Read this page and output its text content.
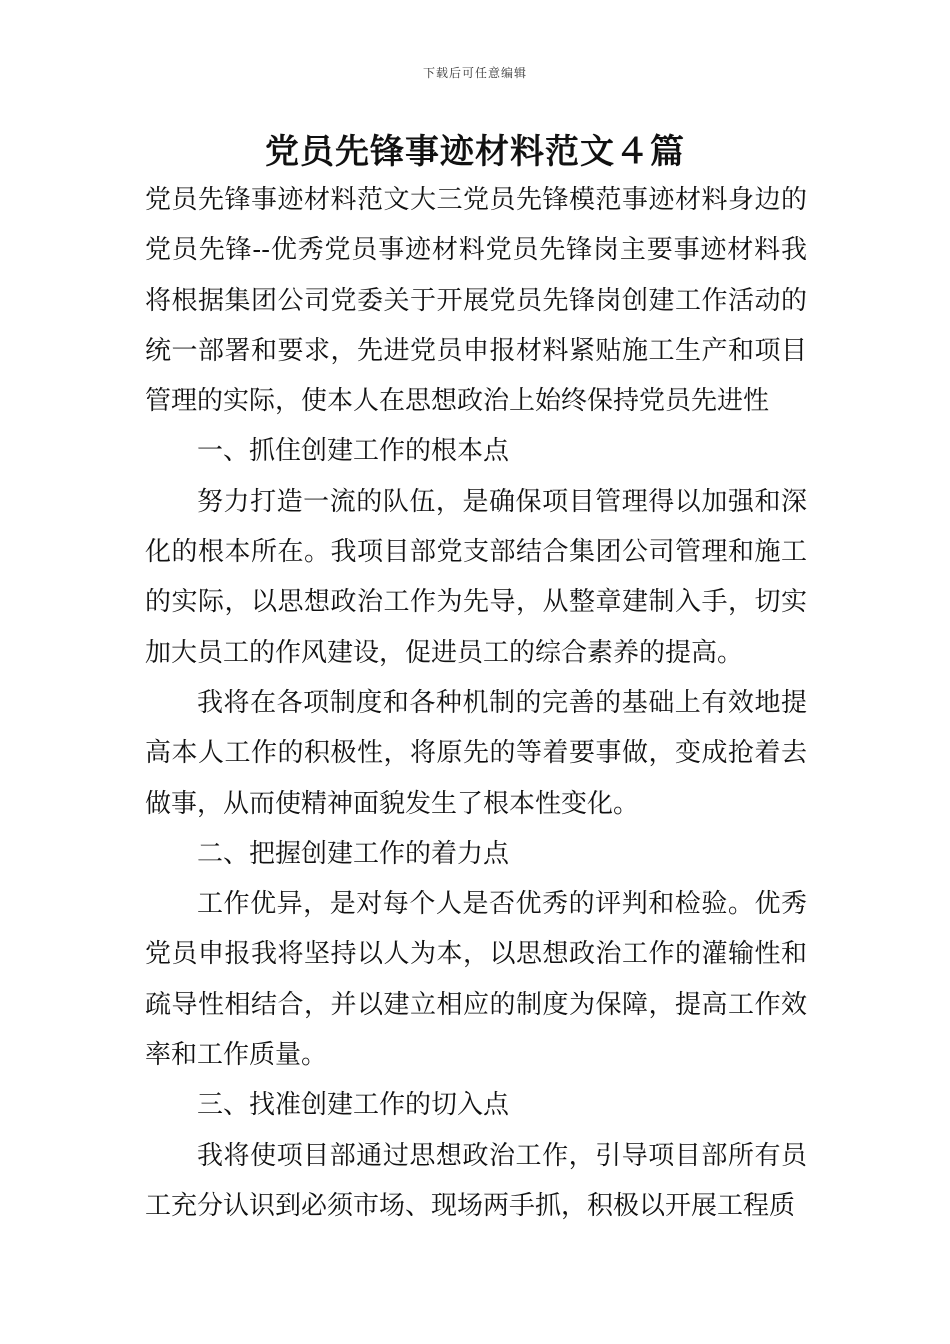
下载后可任意编辑
党员先锋事迹材料范文４篇

党员先锋事迹材料范文大三党员先锋模范事迹材料身边的党员先锋--优秀党员事迹材料党员先锋岗主要事迹材料我将根据集团公司党委关于开展党员先锋岗创建工作活动的统一部署和要求，先进党员申报材料紧贴施工生产和项目管理的实际，使本人在思想政治上始终保持党员先进性

一、抓住创建工作的根本点

努力打造一流的队伍，是确保项目管理得以加强和深化的根本所在。我项目部党支部结合集团公司管理和施工的实际，以思想政治工作为先导，从整章建制入手，切实加大员工的作风建设，促进员工的综合素养的提高。

我将在各项制度和各种机制的完善的基础上有效地提高本人工作的积极性，将原先的等着要事做，变成抢着去做事，从而使精神面貌发生了根本性变化。

二、把握创建工作的着力点

工作优异，是对每个人是否优秀的评判和检验。优秀党员申报我将坚持以人为本，以思想政治工作的灌输性和疏导性相结合，并以建立相应的制度为保障，提高工作效率和工作质量。

三、找准创建工作的切入点

我将使项目部通过思想政治工作，引导项目部所有员工充分认识到必须市场、现场两手抓，积极以开展工程质
